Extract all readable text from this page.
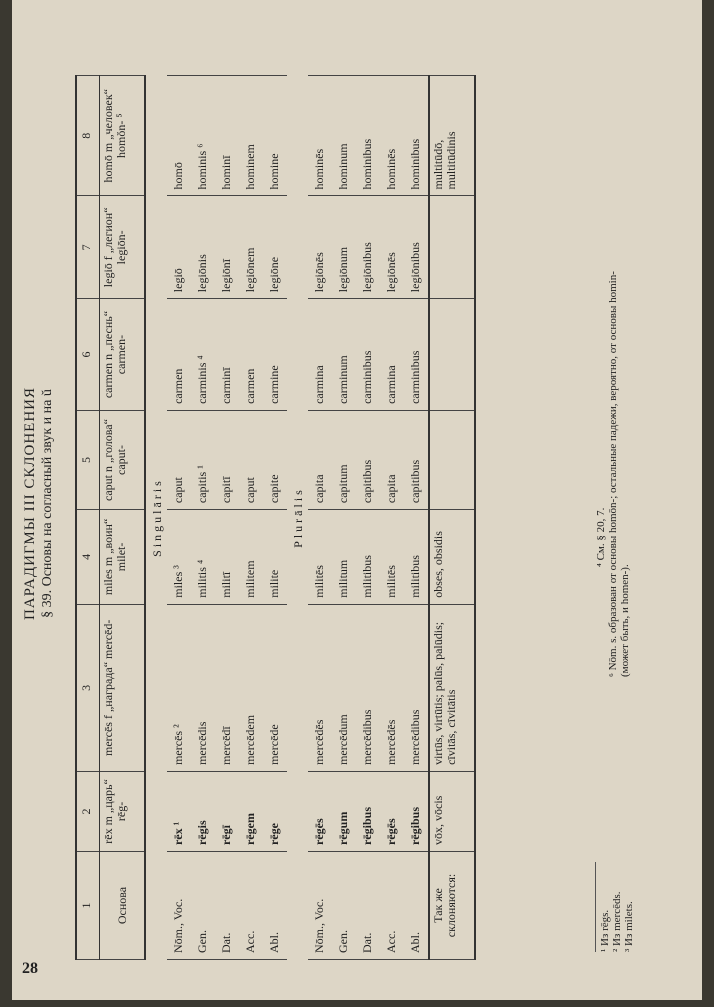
28
ПАРАДИГМЫ III СКЛОНЕНИЯ § 39. Основы на согласный звук и на ŭ
1	2	3	4	5	6	7	8
Основа	rēx m „царь“ rēg-	mercēs f „награда“ mercēd-	miles m „воин“ milet-	caput n „голова“ caput-	carmen n „песнь“ carmen-	legiō f „легион“ legiōn-	homō m „человек“ homŏn- ⁵
Singulāris							
Nōm., Voc.	rēx ¹	mercēs ²	miles ³	caput	carmen	legiō	homō
Gen.	rēgis	mercēdis	militis ⁴	capitis ¹	carminis ⁴	legiōnis	hominis ⁶
Dat.	rēgī	mercēdī	militī	capitī	carminī	legiōnī	hominī
Acc.	rēgem	mercēdem	militem	caput	carmen	legiōnem	hominem
Abl.	rēge	mercēde	milite	capite	carmine	legiōne	homine
Plurālis							
Nōm., Voc.	rēgēs	mercēdēs	militēs	capita	carmina	legiōnēs	hominēs
Gen.	rēgum	mercēdum	militum	capitum	carminum	legiōnum	hominum
Dat.	rēgibus	mercēdibus	militibus	capitibus	carminibus	legiōnibus	hominibus
Acc.	rēgēs	mercēdēs	militēs	capita	carmina	legiōnēs	hominēs
Abl.	rēgibus	mercēdibus	militibus	capitibus	carminibus	legiōnibus	hominibus
Так же склоняются:	vōx, vōcis	virtūs, virtūtis; palūs, palūdis; cīvitās, cīvitātis	obses, obsidis				multitūdō, multitūdinis
¹ Из rēgs. ² Из mercēds. ³ Из milets.
⁴ См. § 20, 7. ⁶ Nōm. s. образован от основы homōn-; остальные падежи, вероятно, от основы homin- (может быть, и homen-).
